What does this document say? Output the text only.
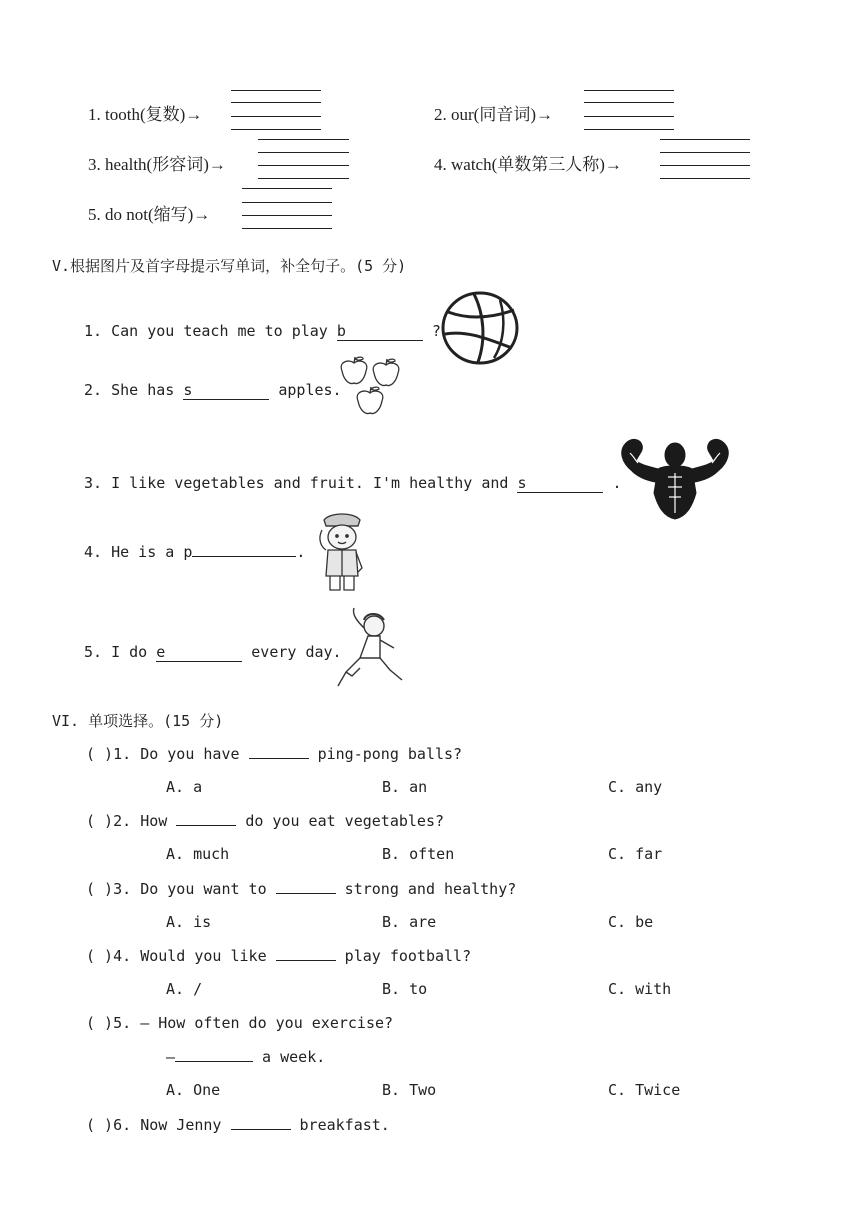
1. tooth(复数)→	2. our(同音词)→
3. health(形容词)→	4. watch(单数第三人称)→
5. do not(缩写)→
V.根据图片及首字母提示写单词，补全句子。(5 分)
1. Can you teach me to play b	?
2. She has s	apples.
3. I like vegetables and fruit. I'm healthy and s	.
4. He is a p	.
5. I do e	every day.
VI. 单项选择。(15 分)
( )1. Do you have	ping-pong balls?
A. a	B. an	C. any
( )2. How	do you eat vegetables?
A. much	B. often	C. far
( )3. Do you want to	strong and healthy?
A. is	B. are	C. be
( )4. Would you like	play football?
A. /	B. to	C. with
( )5. — How often do you exercise?
—	a week.
A. One	B. Two	C. Twice
( )6. Now Jenny	breakfast.
